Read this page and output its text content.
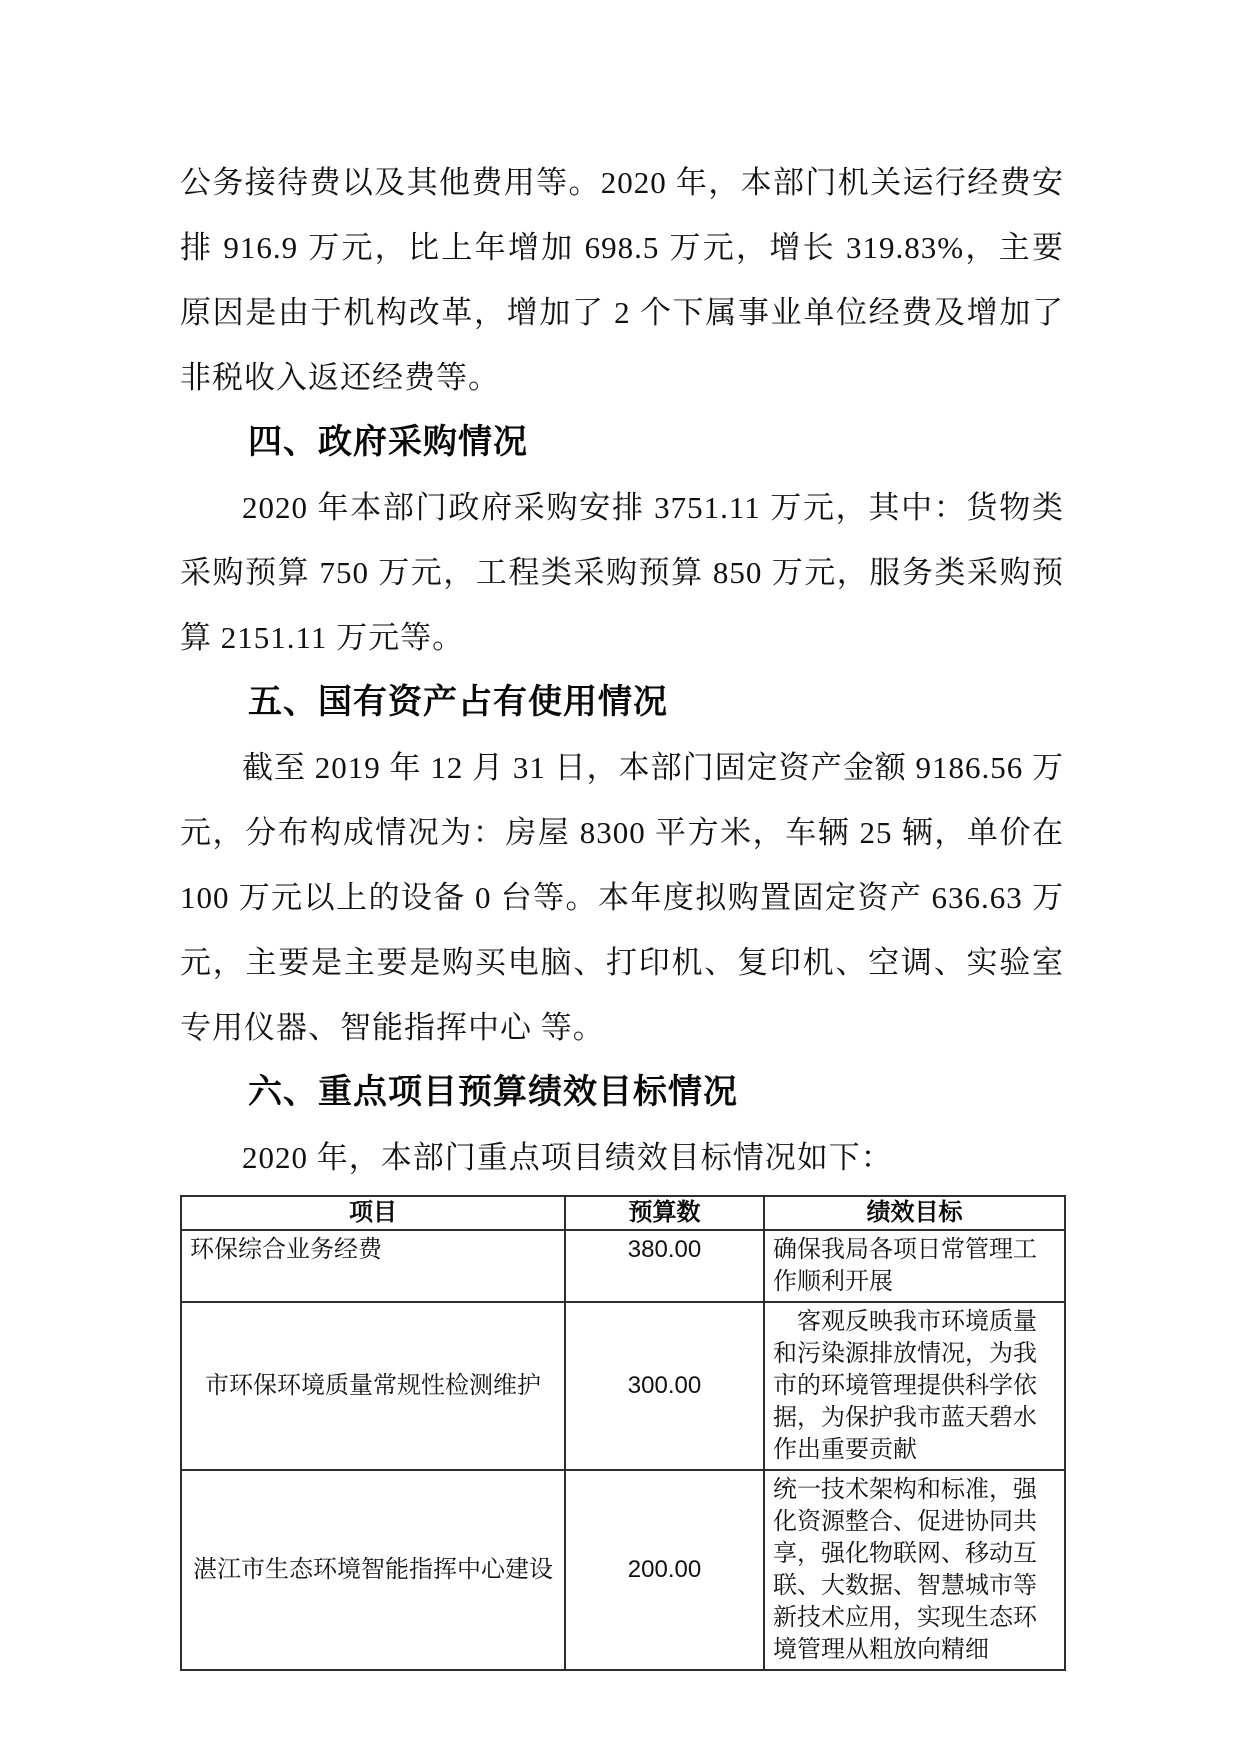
公务接待费以及其他费用等。2020 年，本部门机关运行经费安排 916.9 万元，比上年增加 698.5 万元，增长 319.83%，主要原因是由于机构改革，增加了 2 个下属事业单位经费及增加了非税收入返还经费等。

四、政府采购情况

2020 年本部门政府采购安排 3751.11 万元，其中：货物类采购预算 750 万元，工程类采购预算 850 万元，服务类采购预算 2151.11 万元等。

五、国有资产占有使用情况

截至 2019 年 12 月 31 日，本部门固定资产金额 9186.56 万元，分布构成情况为：房屋 8300 平方米，车辆 25 辆，单价在 100 万元以上的设备 0 台等。本年度拟购置固定资产 636.63 万元，主要是主要是购买电脑、打印机、复印机、空调、实验室专用仪器、智能指挥中心 等。

六、重点项目预算绩效目标情况

2020 年，本部门重点项目绩效目标情况如下：

项目	预算数	绩效目标
环保综合业务经费	380.00	确保我局各项日常管理工作顺利开展
市环保环境质量常规性检测维护	300.00	客观反映我市环境质量和污染源排放情况，为我市的环境管理提供科学依据，为保护我市蓝天碧水作出重要贡献
湛江市生态环境智能指挥中心建设	200.00	统一技术架构和标准，强化资源整合、促进协同共享，强化物联网、移动互联、大数据、智慧城市等新技术应用，实现生态环境管理从粗放向精细
